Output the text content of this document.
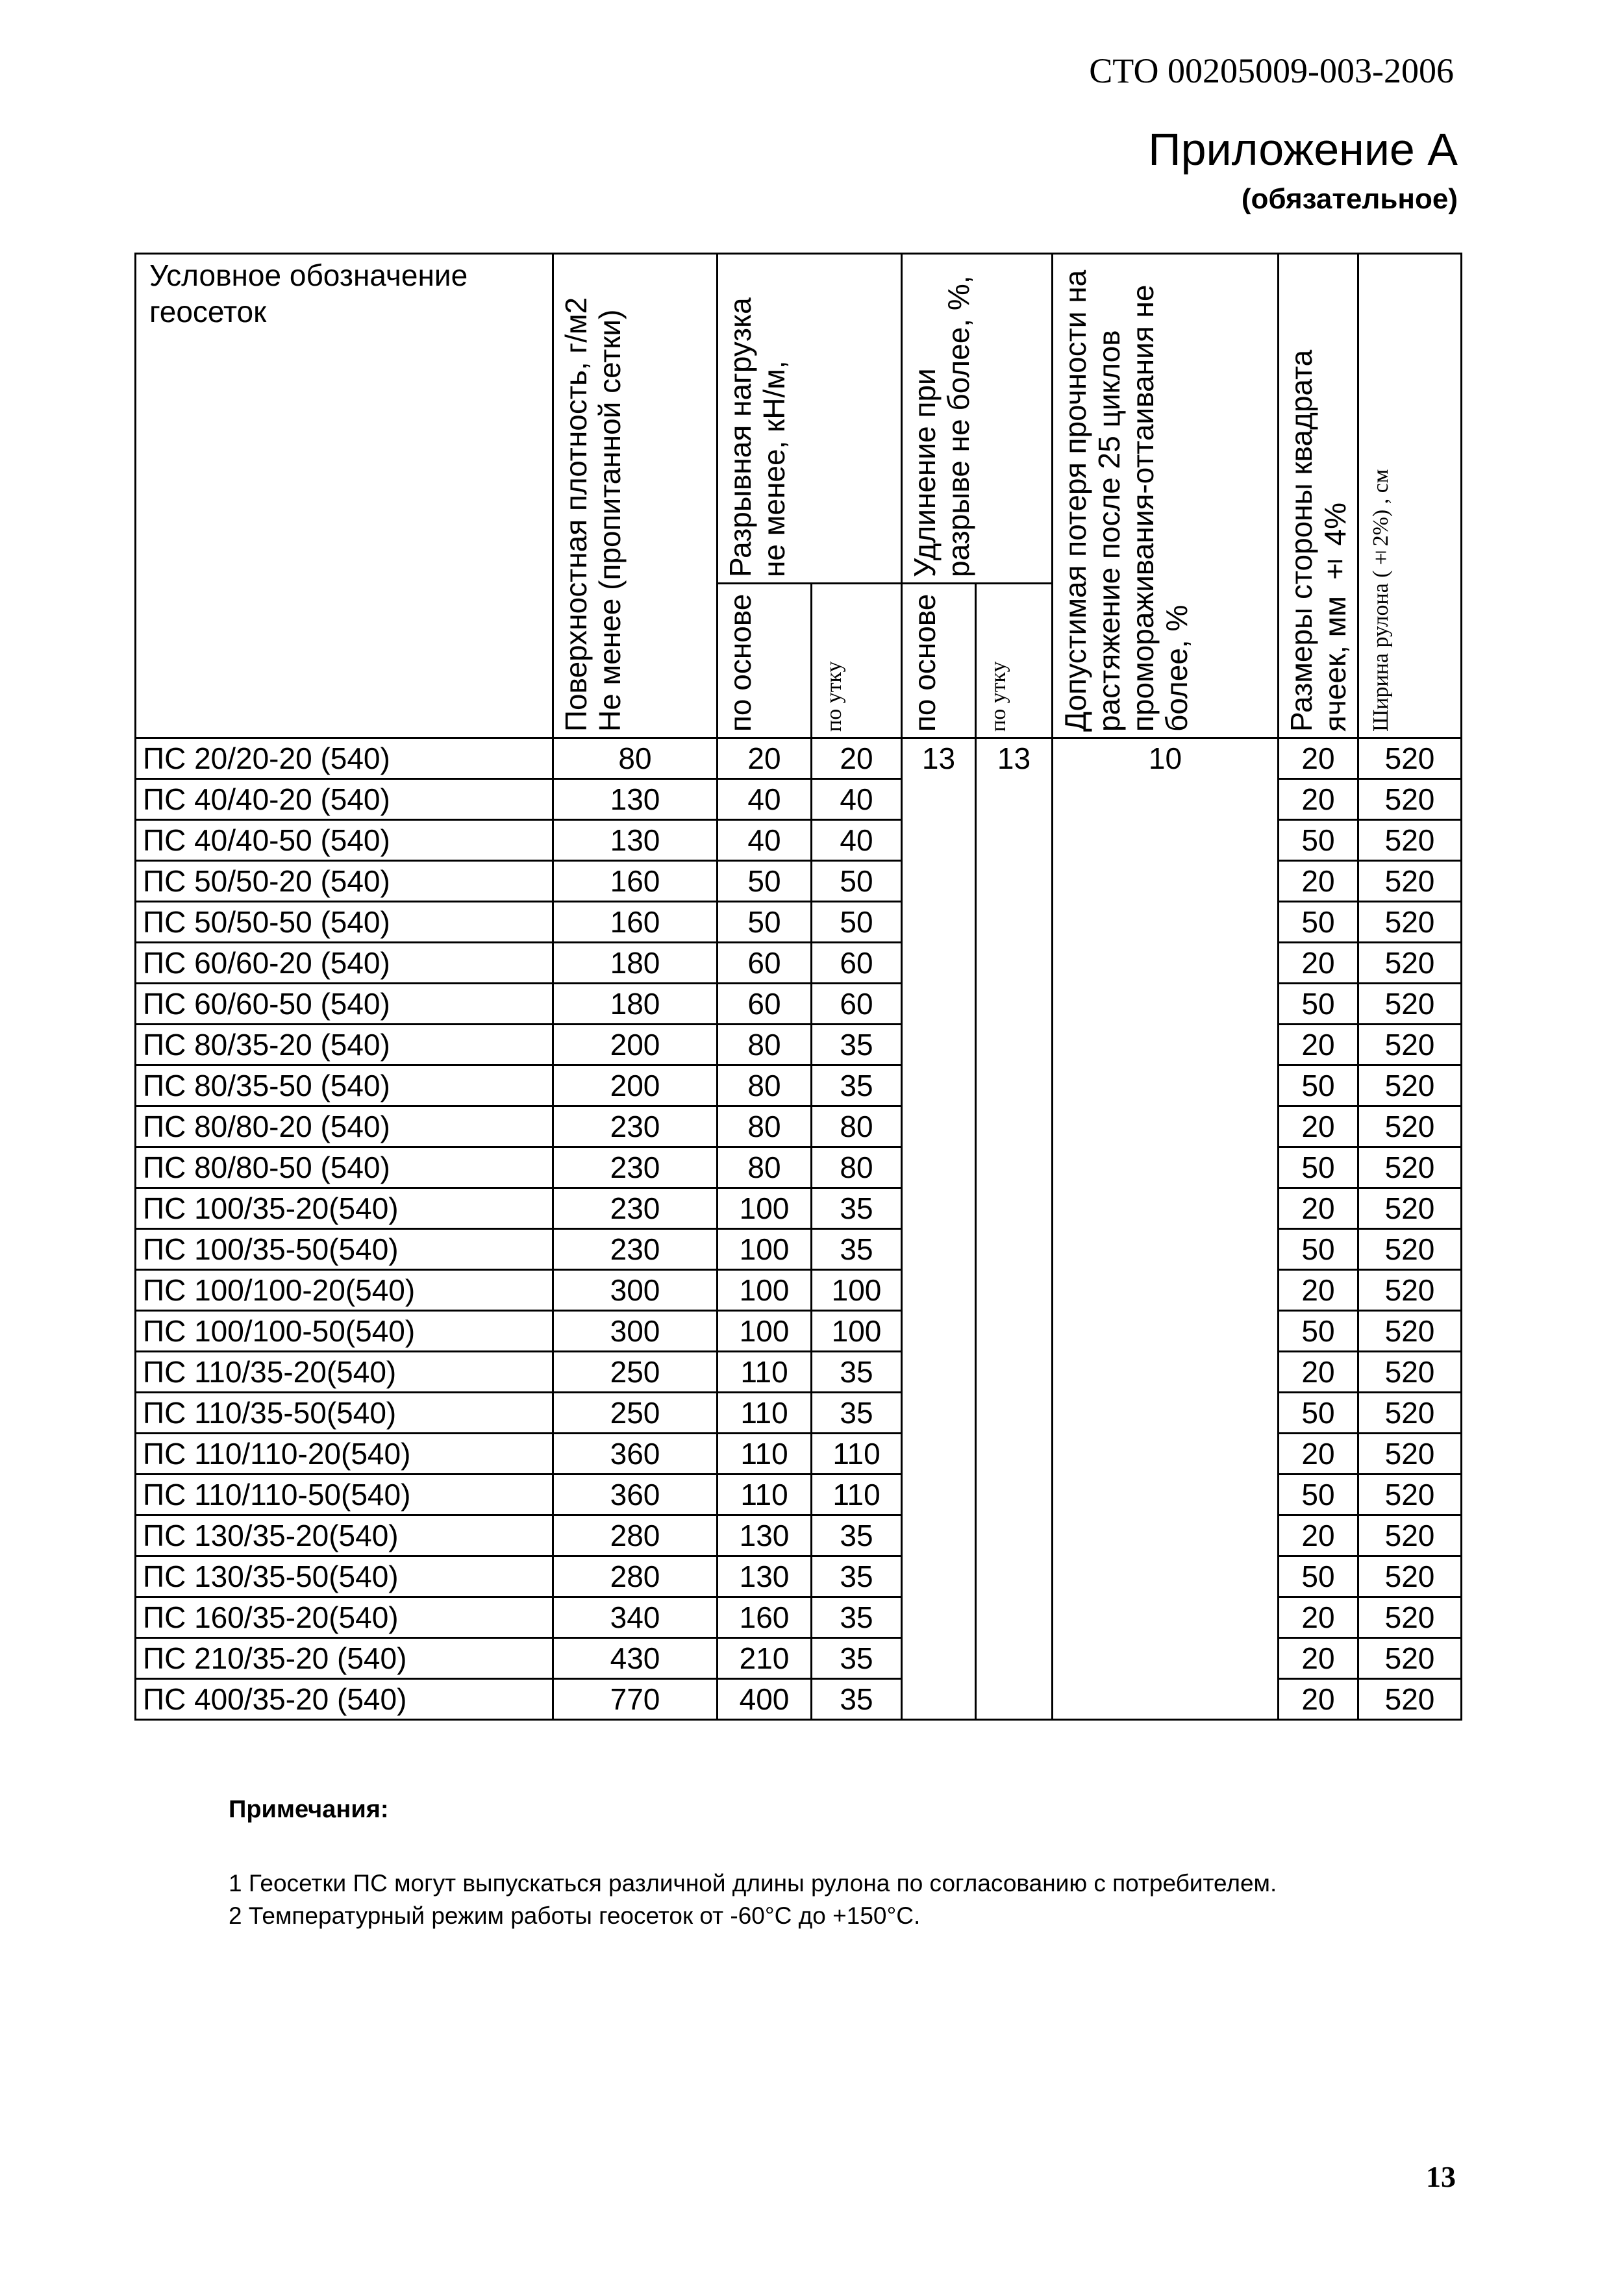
СТО 00205009-003-2006
Приложение А
(обязательное)
Условное обозначение геосеток	Поверхностная плотность, г/м2 Не менее (пропитанной сетки)	Разрывная нагрузка не менее, кН/м,		Удлинение при разрыве не более, %,		Допустимая потеря прочности на растяжение после 25 циклов промораживания-оттаивания не более, %	Размеры стороны квадрата ячеек, мм ± 4%	Ширина рулона (±2%) , см

		по основе	по утку	по основе	по утку			

ПС 20/20-20 (540)	80	20	20	13	13	10	20	520
ПС 40/40-20 (540)	130	40	40				20	520
ПС 40/40-50 (540)	130	40	40				50	520
ПС 50/50-20 (540)	160	50	50				20	520
ПС 50/50-50 (540)	160	50	50				50	520
ПС 60/60-20 (540)	180	60	60				20	520
ПС 60/60-50 (540)	180	60	60				50	520
ПС 80/35-20 (540)	200	80	35				20	520
ПС 80/35-50 (540)	200	80	35				50	520
ПС 80/80-20 (540)	230	80	80				20	520
ПС 80/80-50 (540)	230	80	80				50	520
ПС 100/35-20(540)	230	100	35				20	520
ПС 100/35-50(540)	230	100	35				50	520
ПС 100/100-20(540)	300	100	100				20	520
ПС 100/100-50(540)	300	100	100				50	520
ПС 110/35-20(540)	250	110	35				20	520
ПС 110/35-50(540)	250	110	35				50	520
ПС 110/110-20(540)	360	110	110				20	520
ПС 110/110-50(540)	360	110	110				50	520
ПС 130/35-20(540)	280	130	35				20	520
ПС 130/35-50(540)	280	130	35				50	520
ПС 160/35-20(540)	340	160	35				20	520
ПС 210/35-20 (540)	430	210	35				20	520
ПС 400/35-20 (540)	770	400	35				20	520
Примечания:
1 Геосетки ПС могут выпускаться различной длины рулона по согласованию с потребителем.
2 Температурный режим работы геосеток от -60°С до +150°С.
13
